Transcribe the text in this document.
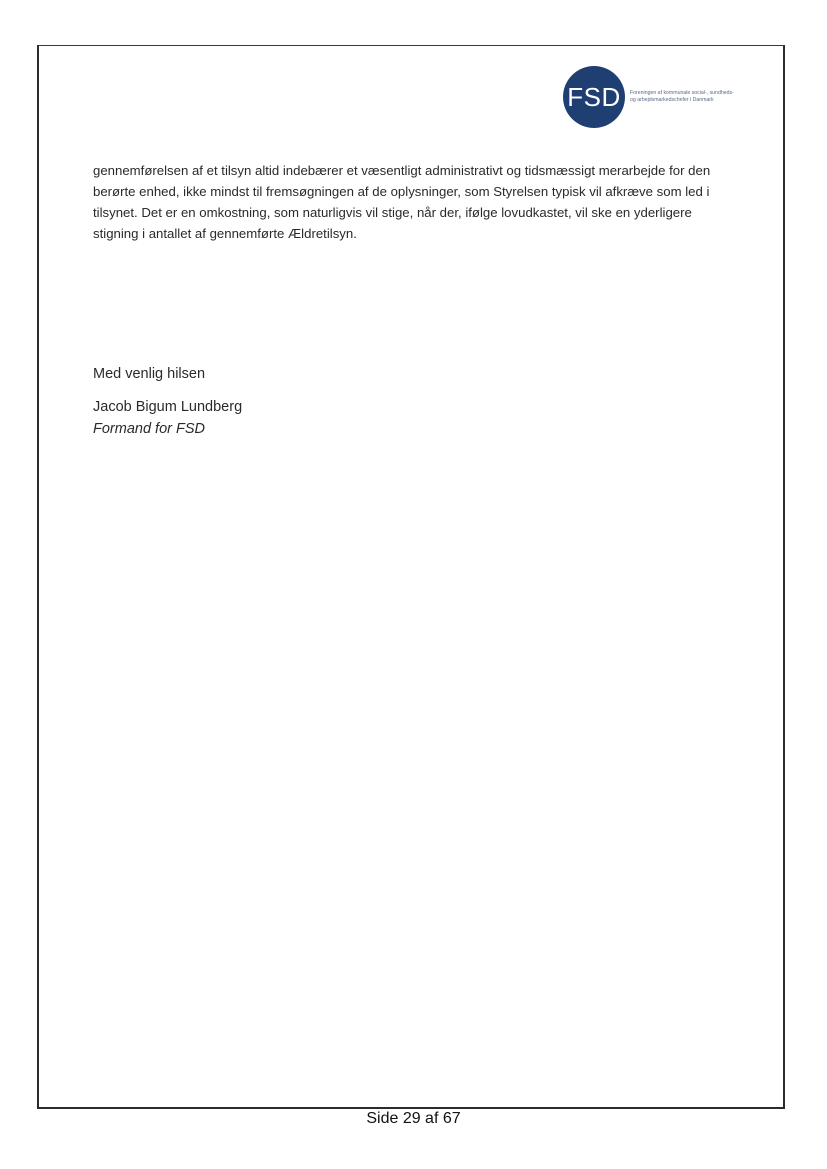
FSD	Foreningen af kommunale social-, sundheds- og arbejdsmarkedschefer i Danmark

gennemførelsen af et tilsyn altid indebærer et væsentligt administrativt og tidsmæssigt merarbejde for den berørte enhed, ikke mindst til fremsøgningen af de oplysninger, som Styrelsen typisk vil afkræve som led i tilsynet. Det er en omkostning, som naturligvis vil stige, når der, ifølge lovudkastet, vil ske en yderligere stigning i antallet af gennemførte Ældretilsyn.

Med venlig hilsen

Jacob Bigum Lundberg

Formand for FSD

Side 29 af 67
